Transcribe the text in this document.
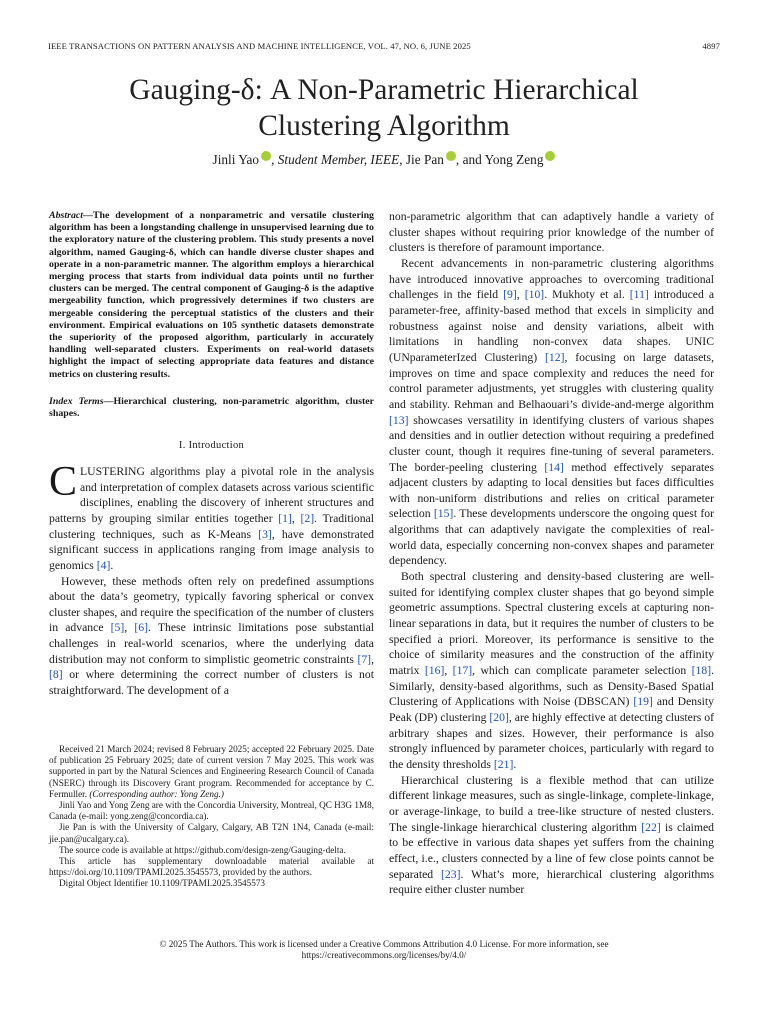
IEEE TRANSACTIONS ON PATTERN ANALYSIS AND MACHINE INTELLIGENCE, VOL. 47, NO. 6, JUNE 2025	4897
Gauging-δ: A Non-Parametric Hierarchical
Clustering Algorithm
Jinli Yao , Student Member, IEEE, Jie Pan , and Yong Zeng

Abstract—The development of a nonparametric and versatile clustering algorithm has been a longstanding challenge in unsupervised learning due to the exploratory nature of the clustering problem. This study presents a novel algorithm, named Gauging-δ, which can handle diverse cluster shapes and operate in a non-parametric manner. The algorithm employs a hierarchical merging process that starts from individual data points until no further clusters can be merged. The central component of Gauging-δ is the adaptive mergeability function, which progressively determines if two clusters are mergeable considering the perceptual statistics of the clusters and their environment. Empirical evaluations on 105 synthetic datasets demonstrate the superiority of the proposed algorithm, particularly in accurately handling well-separated clusters. Experiments on real-world datasets highlight the impact of selecting appropriate data features and distance metrics on clustering results.

Index Terms—Hierarchical clustering, non-parametric algorithm, cluster shapes.

I. Introduction

CLUSTERING algorithms play a pivotal role in the analysis and interpretation of complex datasets across various scientific disciplines, enabling the discovery of inherent structures and patterns by grouping similar entities together [1], [2]. Traditional clustering techniques, such as K-Means [3], have demonstrated significant success in applications ranging from image analysis to genomics [4].

However, these methods often rely on predefined assumptions about the data’s geometry, typically favoring spherical or convex cluster shapes, and require the specification of the number of clusters in advance [5], [6]. These intrinsic limitations pose substantial challenges in real-world scenarios, where the underlying data distribution may not conform to simplistic geometric constraints [7], [8] or where determining the correct number of clusters is not straightforward. The development of a

Received 21 March 2024; revised 8 February 2025; accepted 22 February 2025. Date of publication 25 February 2025; date of current version 7 May 2025. This work was supported in part by the Natural Sciences and Engineering Research Council of Canada (NSERC) through its Discovery Grant program. Recommended for acceptance by C. Fermuller. (Corresponding author: Yong Zeng.)

Jinli Yao and Yong Zeng are with the Concordia University, Montreal, QC H3G 1M8, Canada (e-mail: yong.zeng@concordia.ca).

Jie Pan is with the University of Calgary, Calgary, AB T2N 1N4, Canada (e-mail: jie.pan@ucalgary.ca).

The source code is available at https://github.com/design-zeng/Gauging-delta.

This article has supplementary downloadable material available at https://doi.org/10.1109/TPAMI.2025.3545573, provided by the authors.

Digital Object Identifier 10.1109/TPAMI.2025.3545573

non-parametric algorithm that can adaptively handle a variety of cluster shapes without requiring prior knowledge of the number of clusters is therefore of paramount importance.

Recent advancements in non-parametric clustering algorithms have introduced innovative approaches to overcoming traditional challenges in the field [9], [10]. Mukhoty et al. [11] introduced a parameter-free, affinity-based method that excels in simplicity and robustness against noise and density variations, albeit with limitations in handling non-convex data shapes. UNIC (UNparameterIzed Clustering) [12], focusing on large datasets, improves on time and space complexity and reduces the need for control parameter adjustments, yet struggles with clustering quality and stability. Rehman and Belhaouari’s divide-and-merge algorithm [13] showcases versatility in identifying clusters of various shapes and densities and in outlier detection without requiring a predefined cluster count, though it requires fine-tuning of several parameters. The border-peeling clustering [14] method effectively separates adjacent clusters by adapting to local densities but faces difficulties with non-uniform distributions and relies on critical parameter selection [15]. These developments underscore the ongoing quest for algorithms that can adaptively navigate the complexities of real-world data, especially concerning non-convex shapes and parameter dependency.

Both spectral clustering and density-based clustering are well-suited for identifying complex cluster shapes that go beyond simple geometric assumptions. Spectral clustering excels at capturing non-linear separations in data, but it requires the number of clusters to be specified a priori. Moreover, its performance is sensitive to the choice of similarity measures and the construction of the affinity matrix [16], [17], which can complicate parameter selection [18]. Similarly, density-based algorithms, such as Density-Based Spatial Clustering of Applications with Noise (DBSCAN) [19] and Density Peak (DP) clustering [20], are highly effective at detecting clusters of arbitrary shapes and sizes. However, their performance is also strongly influenced by parameter choices, particularly with regard to the density thresholds [21].

Hierarchical clustering is a flexible method that can utilize different linkage measures, such as single-linkage, complete-linkage, or average-linkage, to build a tree-like structure of nested clusters. The single-linkage hierarchical clustering algorithm [22] is claimed to be effective in various data shapes yet suffers from the chaining effect, i.e., clusters connected by a line of few close points cannot be separated [23]. What’s more, hierarchical clustering algorithms require either cluster number

© 2025 The Authors. This work is licensed under a Creative Commons Attribution 4.0 License. For more information, see
https://creativecommons.org/licenses/by/4.0/
